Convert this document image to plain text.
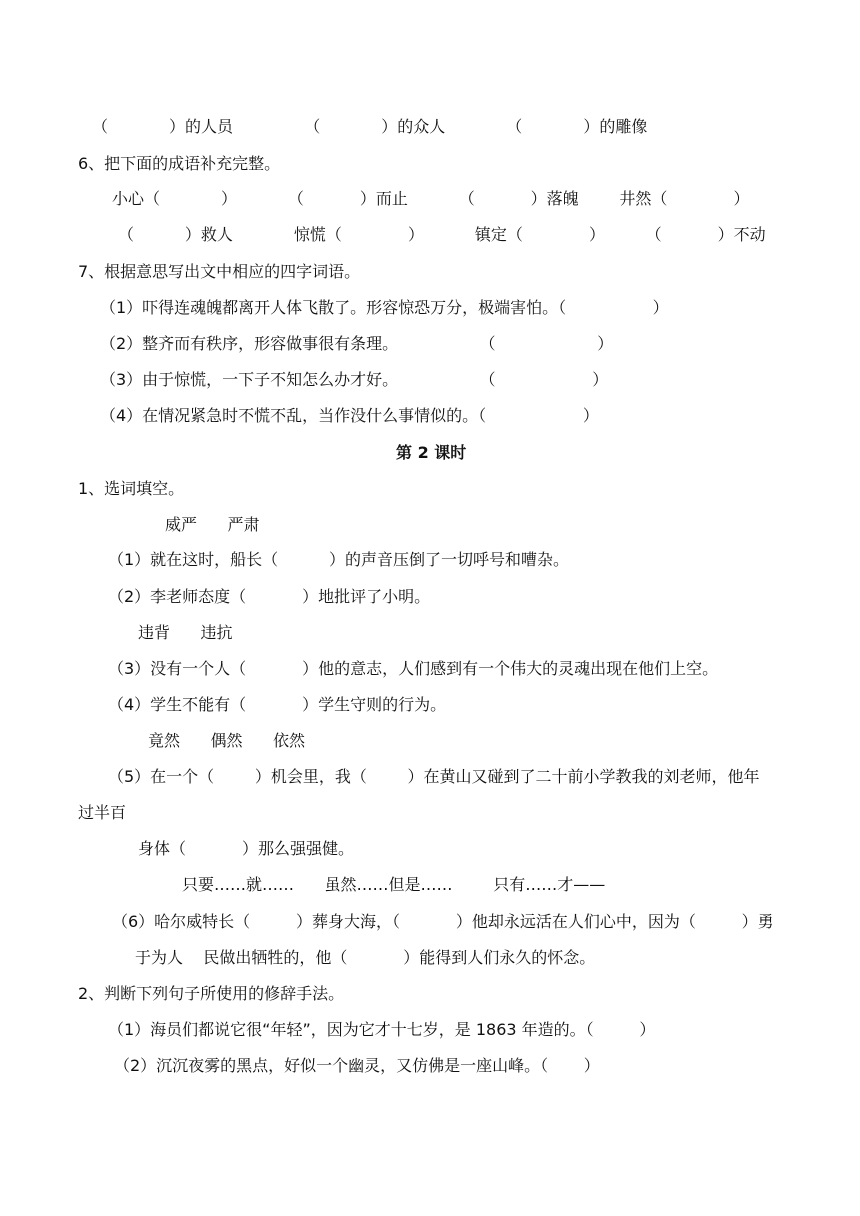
（            ）的人员              （            ）的众人            （            ）的雕像
6、把下面的成语补充完整。
小心（            ）          （           ）而止          （           ）落魄        井然（             ）
（          ）救人            惊慌（             ）          镇定（             ）        （           ）不动
7、根据意思写出文中相应的四字词语。
（1）吓得连魂魄都离开人体飞散了。形容惊恐万分，极端害怕。（                 ）
（2）整齐而有秩序，形容做事很有条理。                （                    ）
（3）由于惊慌，一下子不知怎么办才好。                （                   ）
（4）在情况紧急时不慌不乱，当作没什么事情似的。（                   ）
第 2 课时
1、选词填空。
威严      严肃
（1）就在这时，船长（          ）的声音压倒了一切呼号和嘈杂。
（2）李老师态度（           ）地批评了小明。
违背      违抗
（3）没有一个人（           ）他的意志，人们感到有一个伟大的灵魂出现在他们上空。
（4）学生不能有（           ）学生守则的行为。
竟然      偶然      依然
（5）在一个（        ）机会里，我（        ）在黄山又碰到了二十前小学教我的刘老师，他年
过半百
身体（           ）那么强强健。
只要……就……      虽然……但是……        只有……才——
（6）哈尔威特长（         ）葬身大海，（           ）他却永远活在人们心中，因为（         ）勇
于为人    民做出牺牲的，他（           ）能得到人们永久的怀念。
2、判断下列句子所使用的修辞手法。
（1）海员们都说它很“年轻”，因为它才十七岁，是 1863 年造的。（         ）
（2）沉沉夜雾的黑点，好似一个幽灵，又仿佛是一座山峰。（       ）
